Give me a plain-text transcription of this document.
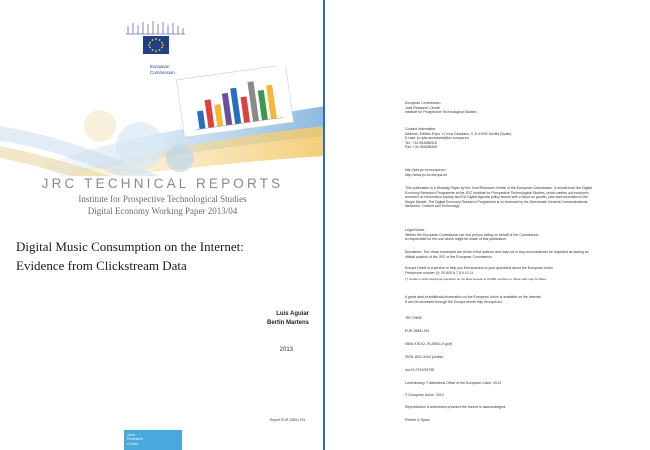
European
Commission
JRC TECHNICAL REPORTS
Institute for Prospective Technological Studies
Digital Economy Working Paper 2013/04
Digital Music Consumption on the Internet:
Evidence from Clickstream Data
Luis Aguiar
Bertin Martens
2013
Report EUR 25851 EN
Joint
Research
Centre
European Commission
Joint Research Centre
Institute for Prospective Technological Studies
Contact information
Address: Edificio Expo. C/ Inca Garcilaso, 3. E-41092 Sevilla (Spain)
E-mail: jrc-ipts-secretariat@ec.europa.eu
Tel.: +34 954488318
Fax: +34 954488300
http://ipts.jrc.ec.europa.eu
http://www.jrc.ec.europa.eu
This publication is a Working Paper by the Joint Research Centre of the European Commission. It results from the Digital
Economy Research Programme at the JRC Institute for Prospective Technological Studies, which carries out economic
research on information society and EU Digital Agenda policy issues with a focus on growth, jobs and innovation in the
Single Market. The Digital Economy Research Programme is co-financed by the Directorate General Communications
Networks, Content and Technology.
Legal Notice
Neither the European Commission nor any person acting on behalf of the Commission
is responsible for the use which might be made of this publication.
Disclaimer: The views expressed are those of the authors and may not in any circumstances be regarded as stating an
official position of the JRC or the European Commission.
Europe Direct is a service to help you find answers to your questions about the European Union
Freephone number (*): 00 800 6 7 8 9 10 11
(*) Certain mobile telephone operators do not allow access to 00 800 numbers or these calls may be billed.
A great deal of additional information on the European Union is available on the Internet.
It can be accessed through the Europa server http://europa.eu/.
JRC79605
EUR 25851 EN
ISBN 978-92-79-28941-9 (pdf)
ISSN 1831-9424 (online)
doi:10.2791/93798
Luxembourg: Publications Office of the European Union, 2013
© European Union, 2013
Reproduction is authorised provided the source is acknowledged.
Printed in Spain
